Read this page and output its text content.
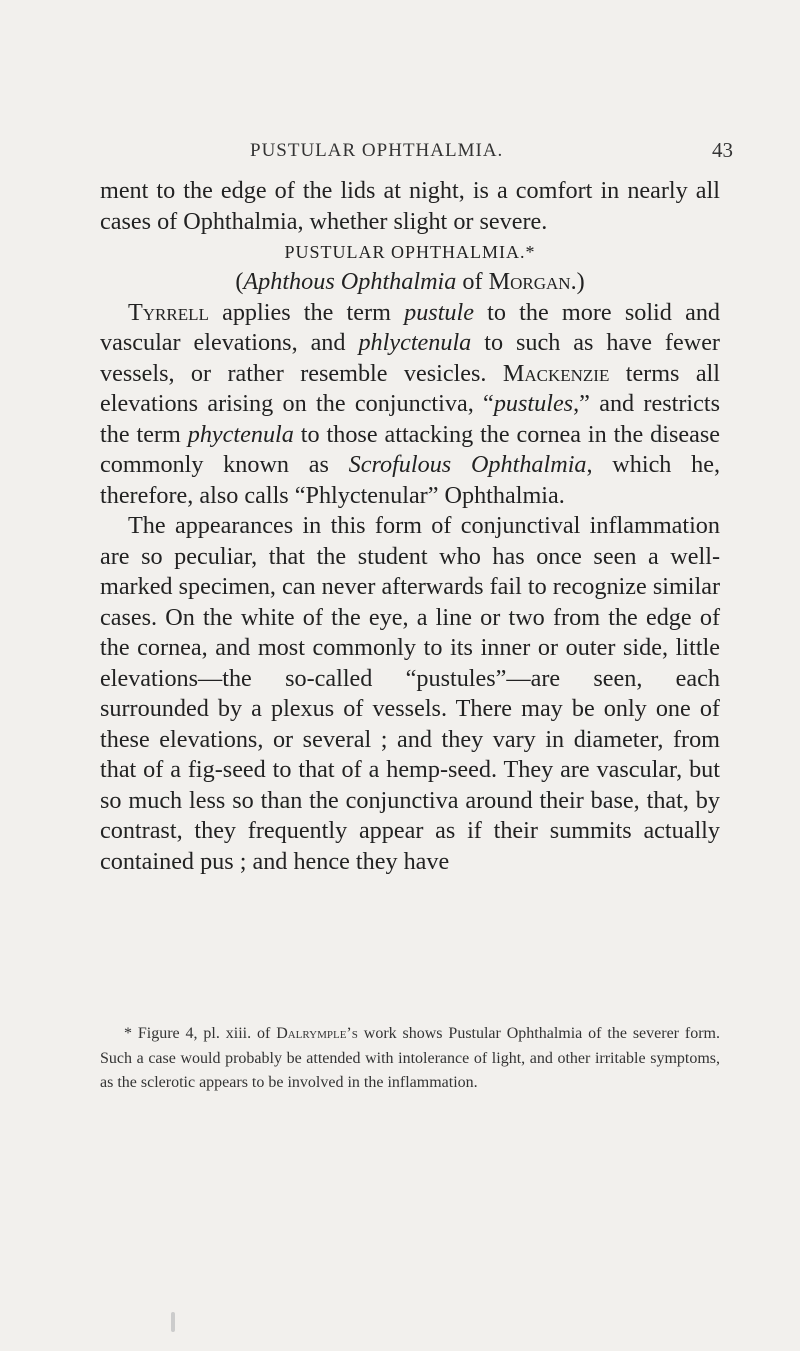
PUSTULAR OPHTHALMIA.	43

ment to the edge of the lids at night, is a comfort in nearly all cases of Ophthalmia, whether slight or severe.

PUSTULAR OPHTHALMIA.*

(Aphthous Ophthalmia of Morgan.)

Tyrrell applies the term pustule to the more solid and vascular elevations, and phlyctenula to such as have fewer vessels, or rather resemble vesicles. Mackenzie terms all elevations arising on the conjunctiva, “pustules,” and restricts the term phyctenula to those attacking the cornea in the disease commonly known as Scrofulous Ophthalmia, which he, therefore, also calls “Phlyctenular” Ophthalmia.

The appearances in this form of conjunctival inflammation are so peculiar, that the student who has once seen a well-marked specimen, can never afterwards fail to recognize similar cases. On the white of the eye, a line or two from the edge of the cornea, and most commonly to its inner or outer side, little elevations—the so-called “pustules”—are seen, each surrounded by a plexus of vessels. There may be only one of these elevations, or several ; and they vary in diameter, from that of a fig-seed to that of a hemp-seed. They are vascular, but so much less so than the conjunctiva around their base, that, by contrast, they frequently appear as if their summits actually contained pus ; and hence they have

* Figure 4, pl. xiii. of Dalrymple’s work shows Pustular Ophthalmia of the severer form. Such a case would probably be attended with intolerance of light, and other irritable symptoms, as the sclerotic appears to be involved in the inflammation.
